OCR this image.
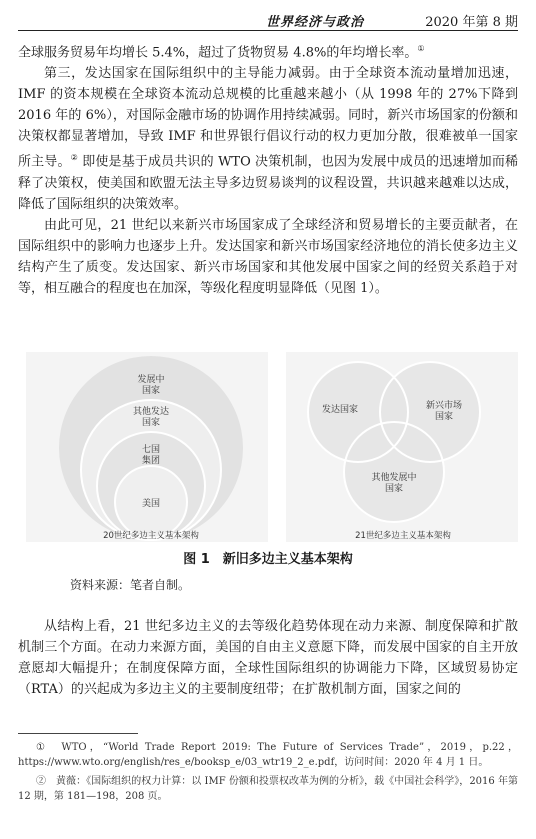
世界经济与政治	2020 年第 8 期

全球服务贸易年均增长 5.4%，超过了货物贸易 4.8%的年均增长率。①

第三，发达国家在国际组织中的主导能力减弱。由于全球资本流动量增加迅速，IMF 的资本规模在全球资本流动总规模的比重越来越小（从 1998 年的 27%下降到 2016 年的 6%），对国际金融市场的协调作用持续减弱。同时，新兴市场国家的份额和决策权都显著增加，导致 IMF 和世界银行倡议行动的权力更加分散，很难被单一国家所主导。② 即使是基于成员共识的 WTO 决策机制，也因为发展中成员的迅速增加而稀释了决策权，使美国和欧盟无法主导多边贸易谈判的议程设置，共识越来越难以达成，降低了国际组织的决策效率。

由此可见，21 世纪以来新兴市场国家成了全球经济和贸易增长的主要贡献者，在国际组织中的影响力也逐步上升。发达国家和新兴市场国家经济地位的消长使多边主义结构产生了质变。发达国家、新兴市场国家和其他发展中国家之间的经贸关系趋于对等，相互融合的程度也在加深，等级化程度明显降低（见图 1）。

发展中国家
其他发达国家
七国集团
美国
发达国家	新兴市场国家
其他发展中国家
20世纪多边主义基本架构	21世纪多边主义基本架构
图 1　新旧多边主义基本架构
资料来源：笔者自制。

从结构上看，21 世纪多边主义的去等级化趋势体现在动力来源、制度保障和扩散机制三个方面。在动力来源方面，美国的自由主义意愿下降，而发展中国家的自主开放意愿却大幅提升；在制度保障方面，全球性国际组织的协调能力下降，区域贸易协定（RTA）的兴起成为多边主义的主要制度纽带；在扩散机制方面，国家之间的

①　WTO，“World Trade Report 2019: The Future of Services Trade”，2019，p.22，https://www.wto.org/english/res_e/booksp_e/03_wtr19_2_e.pdf，访问时间：2020 年 4 月 1 日。

②　黄薇：《国际组织的权力计算：以 IMF 份额和投票权改革为例的分析》，载《中国社会科学》，2016 年第 12 期，第 181—198，208 页。
